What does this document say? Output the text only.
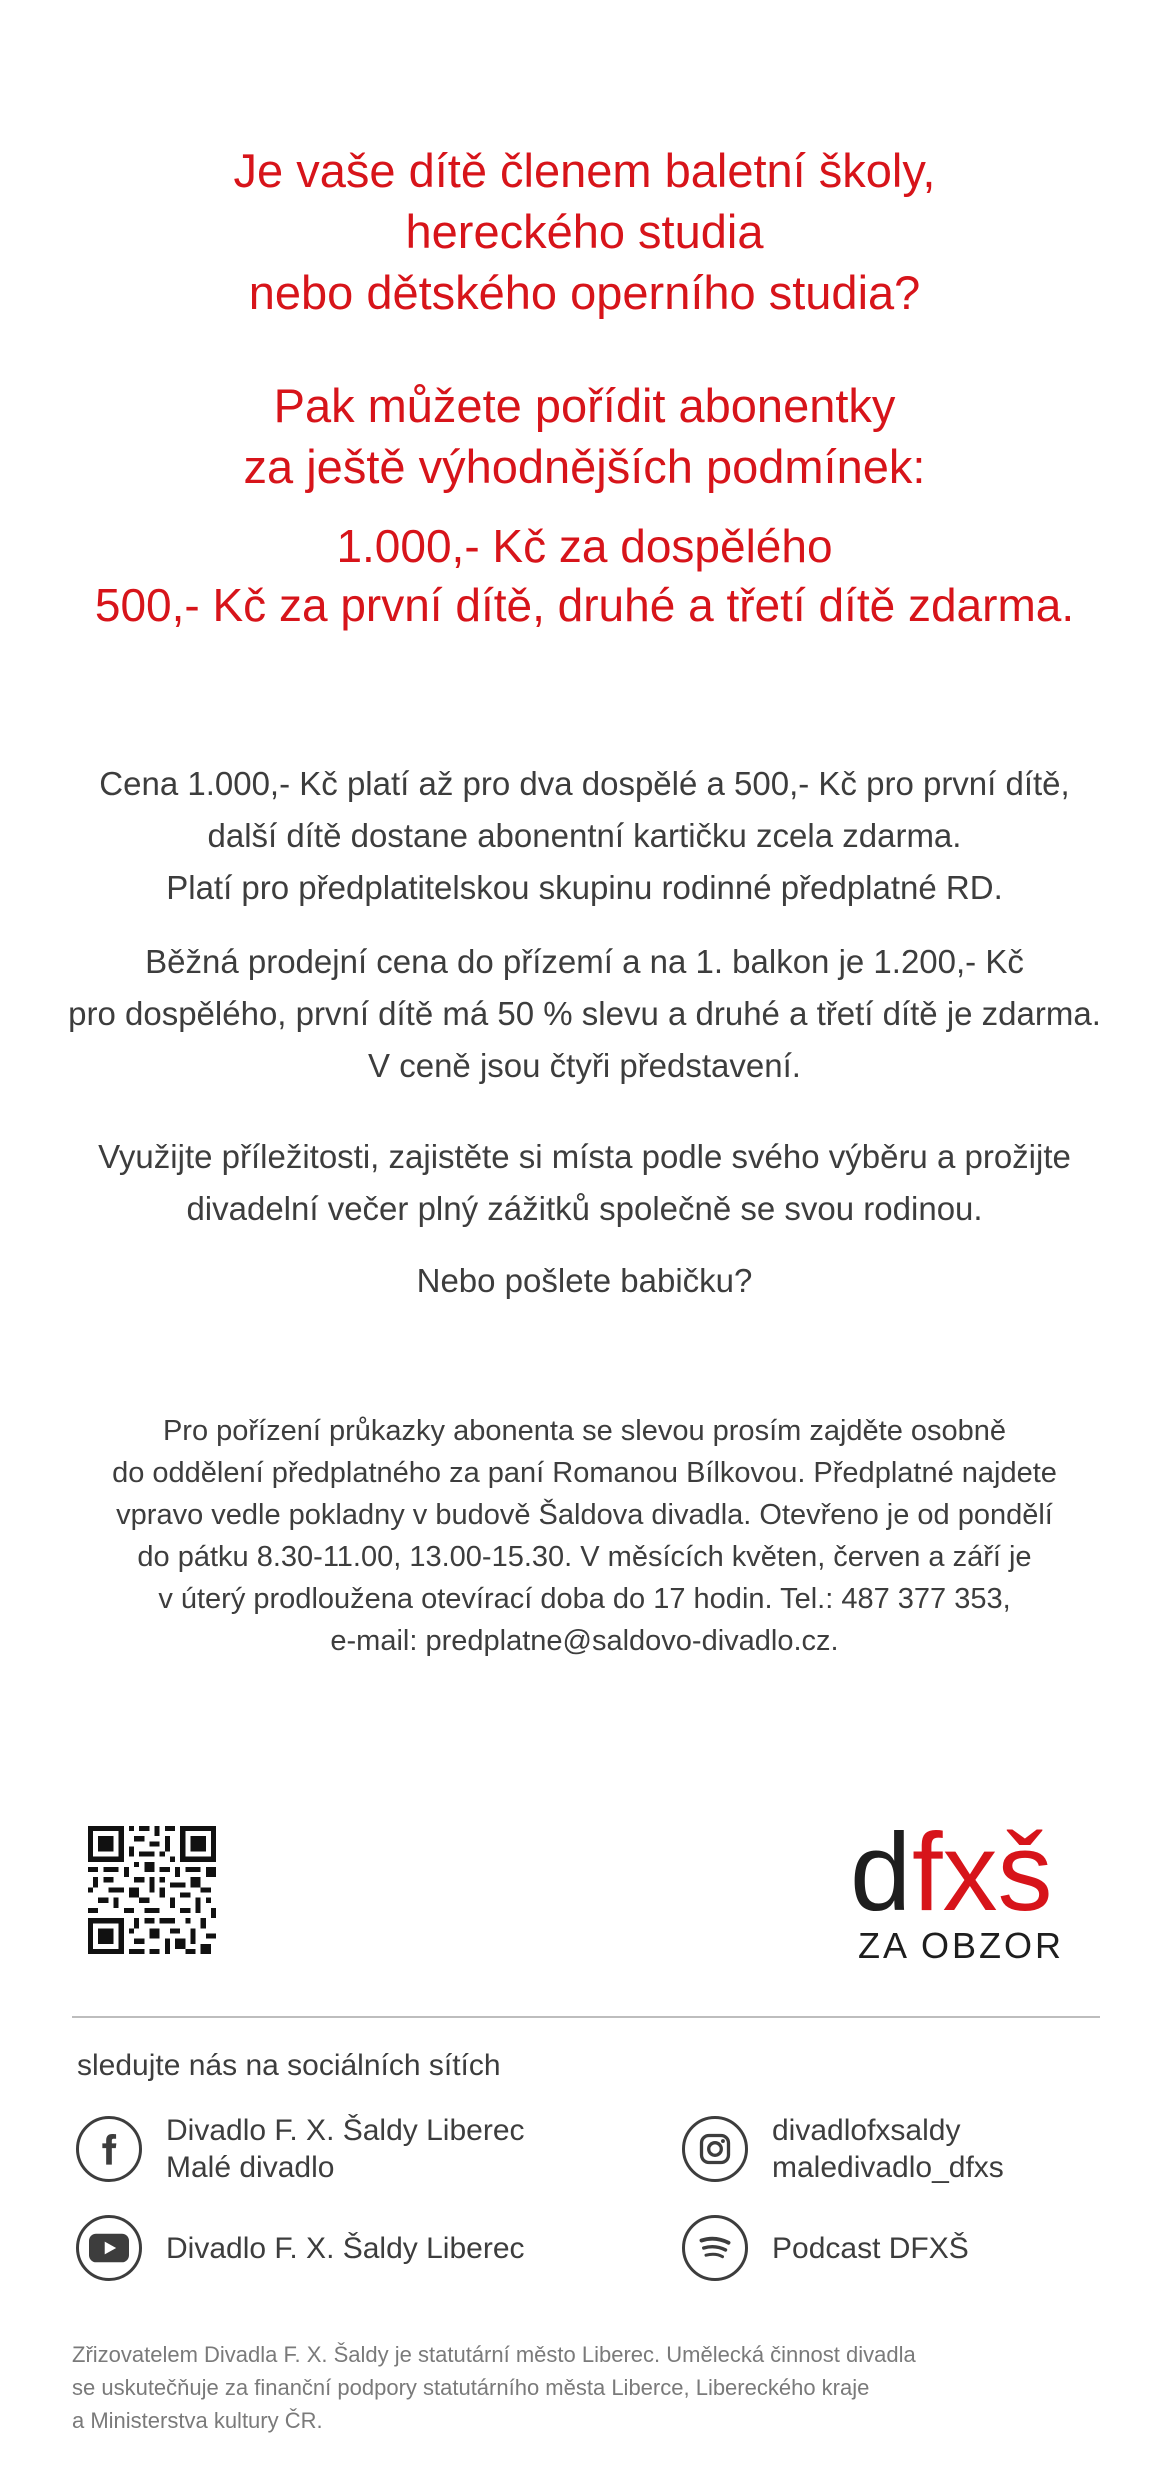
Je vaše dítě členem baletní školy,
hereckého studia
nebo dětského operního studia?
Pak můžete pořídit abonentky
za ještě výhodnějších podmínek:
1.000,- Kč za dospělého
500,- Kč za první dítě, druhé a třetí dítě zdarma.
Cena 1.000,- Kč platí až pro dva dospělé a 500,- Kč pro první dítě,
další dítě dostane abonentní kartičku zcela zdarma.
Platí pro předplatitelskou skupinu rodinné předplatné RD.
Běžná prodejní cena do přízemí a na 1. balkon je 1.200,- Kč
pro dospělého, první dítě má 50 % slevu a druhé a třetí dítě je zdarma.
V ceně jsou čtyři představení.
Využijte příležitosti, zajistěte si místa podle svého výběru a prožijte
divadelní večer plný zážitků společně se svou rodinou.
Nebo pošlete babičku?
Pro pořízení průkazky abonenta se slevou prosím zajděte osobně
do oddělení předplatného za paní Romanou Bílkovou. Předplatné najdete
vpravo vedle pokladny v budově Šaldova divadla. Otevřeno je od pondělí
do pátku 8.30-11.00, 13.00-15.30. V měsících květen, červen a září je
v úterý prodloužena otevírací doba do 17 hodin. Tel.: 487 377 353,
e-mail: predplatne@saldovo-divadlo.cz.
d fxš
ZA OBZOR
sledujte nás na sociálních sítích
Divadlo F. X. Šaldy Liberec
Malé divadlo
divadlofxsaldy
maledivadlo_dfxs
Divadlo F. X. Šaldy Liberec	Podcast DFXŠ
Zřizovatelem Divadla F. X. Šaldy je statutární město Liberec. Umělecká činnost divadla
se uskutečňuje za finanční podpory statutárního města Liberce, Libereckého kraje
a Ministerstva kultury ČR.
